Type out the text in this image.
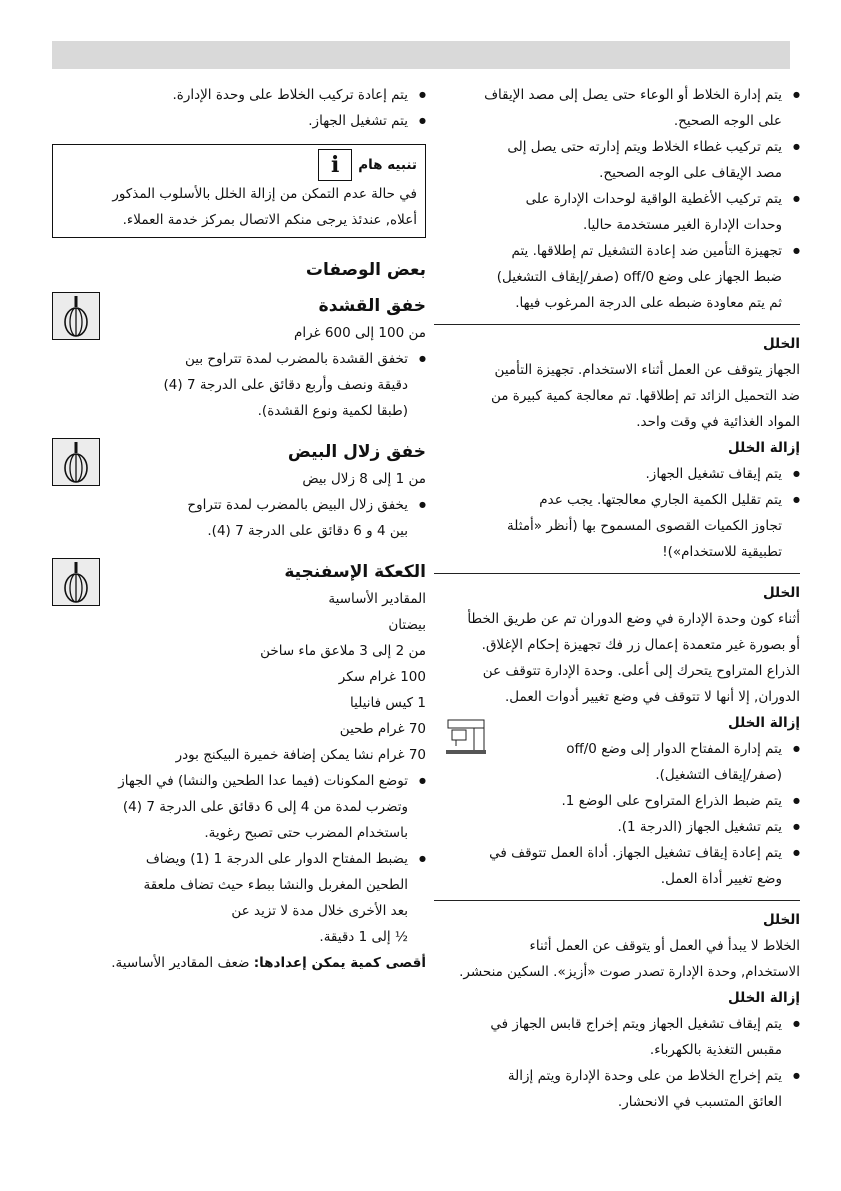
● يتم إدارة الخلاط أو الوعاء حتى يصل إلى مصد الإيقاف

على الوجه الصحيح.

● يتم تركيب غطاء الخلاط ويتم إدارته حتى يصل إلى

مصد الإيقاف على الوجه الصحيح.

● يتم تركيب الأغطية الواقية لوحدات الإدارة على

وحدات الإدارة الغير مستخدمة حاليا.

● تجهيزة التأمين ضد إعادة التشغيل تم إطلاقها. يتم

ضبط الجهاز على وضع off/0 (صفر/إيقاف التشغيل)

ثم يتم معاودة ضبطه على الدرجة المرغوب فيها.

الخلل

الجهاز يتوقف عن العمل أثناء الاستخدام. تجهيزة التأمين

ضد التحميل الزائد تم إطلاقها. تم معالجة كمية كبيرة من

المواد الغذائية في وقت واحد.

إزالة الخلل

● يتم إيقاف تشغيل الجهاز.

● يتم تقليل الكمية الجاري معالجتها. يجب عدم

تجاوز الكميات القصوى المسموح بها (أنظر «أمثلة

تطبيقية للاستخدام»)!

الخلل

أثناء كون وحدة الإدارة في وضع الدوران تم عن طريق الخطأ

أو بصورة غير متعمدة إعمال زر فك تجهيزة إحكام الإغلاق.

الذراع المتراوح يتحرك إلى أعلى. وحدة الإدارة تتوقف عن

الدوران, إلا أنها لا تتوقف في وضع تغيير أدوات العمل.

إزالة الخلل

● يتم إدارة المفتاح الدوار إلى وضع off/0

(صفر/إيقاف التشغيل).

● يتم ضبط الذراع المتراوح على الوضع 1.

● يتم تشغيل الجهاز (الدرجة 1).

● يتم إعادة إيقاف تشغيل الجهاز. أداة العمل تتوقف في

وضع تغيير أداة العمل.

الخلل

الخلاط لا يبدأ في العمل أو يتوقف عن العمل أثناء

الاستخدام, وحدة الإدارة تصدر صوت «أزيز». السكين منحشر.

إزالة الخلل

● يتم إيقاف تشغيل الجهاز ويتم إخراج قابس الجهاز في

مقبس التغذية بالكهرباء.

● يتم إخراج الخلاط من على وحدة الإدارة ويتم إزالة

العائق المتسبب في الانحشار.

● يتم إعادة تركيب الخلاط على وحدة الإدارة.

● يتم تشغيل الجهاز.

تنبيه هام

i

في حالة عدم التمكن من إزالة الخلل بالأسلوب المذكور

أعلاه, عندئذ يرجى منكم الاتصال بمركز خدمة العملاء.

بعض الوصفات

خفق القشدة

من 100 إلى 600 غرام

● تخفق القشدة بالمضرب لمدة تتراوح بين

دقيقة ونصف وأربع دقائق على الدرجة 7 (4)

(طبقا لكمية ونوع القشدة).

خفق زلال البيض

من 1 إلى 8 زلال بيض

● يخفق زلال البيض بالمضرب لمدة تتراوح

بين 4 و 6 دقائق على الدرجة 7 (4).

الكعكة الإسفنجية

المقادير الأساسية

بيضتان

من 2 إلى 3 ملاعق ماء ساخن

100 غرام سكر

1 كيس فانيليا

70 غرام طحين

70 غرام نشا يمكن إضافة خميرة البيكنج بودر

● توضع المكونات (فيما عدا الطحين والنشا) في الجهاز

وتضرب لمدة من 4 إلى 6 دقائق على الدرجة 7 (4)

باستخدام المضرب حتى تصبح رغوية.

● يضبط المفتاح الدوار على الدرجة 1 (1) ويضاف

الطحين المغربل والنشا ببطء حيث تضاف ملعقة

بعد الأخرى خلال مدة لا تزيد عن

½ إلى 1 دقيقة.

أقصى كمية يمكن إعدادها: ضعف المقادير الأساسية.
